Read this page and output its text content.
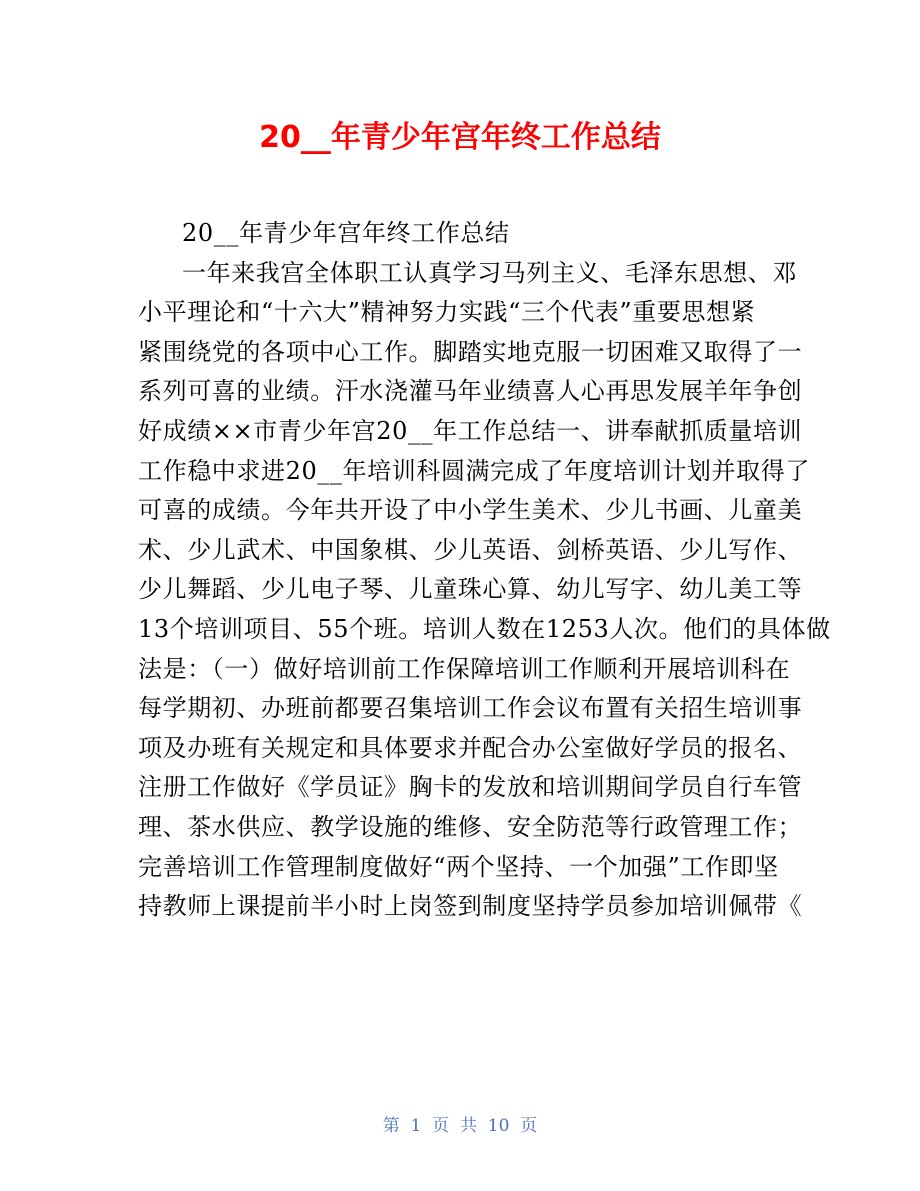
20__年青少年宫年终工作总结
20__年青少年宫年终工作总结
一年来我宫全体职工认真学习马列主义、毛泽东思想、邓
小平理论和“十六大”精神努力实践“三个代表”重要思想紧
紧围绕党的各项中心工作。脚踏实地克服一切困难又取得了一
系列可喜的业绩。汗水浇灌马年业绩喜人心再思发展羊年争创
好成绩××市青少年宫20__年工作总结一、讲奉献抓质量培训
工作稳中求进20__年培训科圆满完成了年度培训计划并取得了
可喜的成绩。今年共开设了中小学生美术、少儿书画、儿童美
术、少儿武术、中国象棋、少儿英语、剑桥英语、少儿写作、
少儿舞蹈、少儿电子琴、儿童珠心算、幼儿写字、幼儿美工等
13个培训项目、55个班。培训人数在1253人次。他们的具体做
法是：（一）做好培训前工作保障培训工作顺利开展培训科在
每学期初、办班前都要召集培训工作会议布置有关招生培训事
项及办班有关规定和具体要求并配合办公室做好学员的报名、
注册工作做好《学员证》胸卡的发放和培训期间学员自行车管
理、茶水供应、教学设施的维修、安全防范等行政管理工作；
完善培训工作管理制度做好“两个坚持、一个加强”工作即坚
持教师上课提前半小时上岗签到制度坚持学员参加培训佩带《
第  1  页  共  10  页
